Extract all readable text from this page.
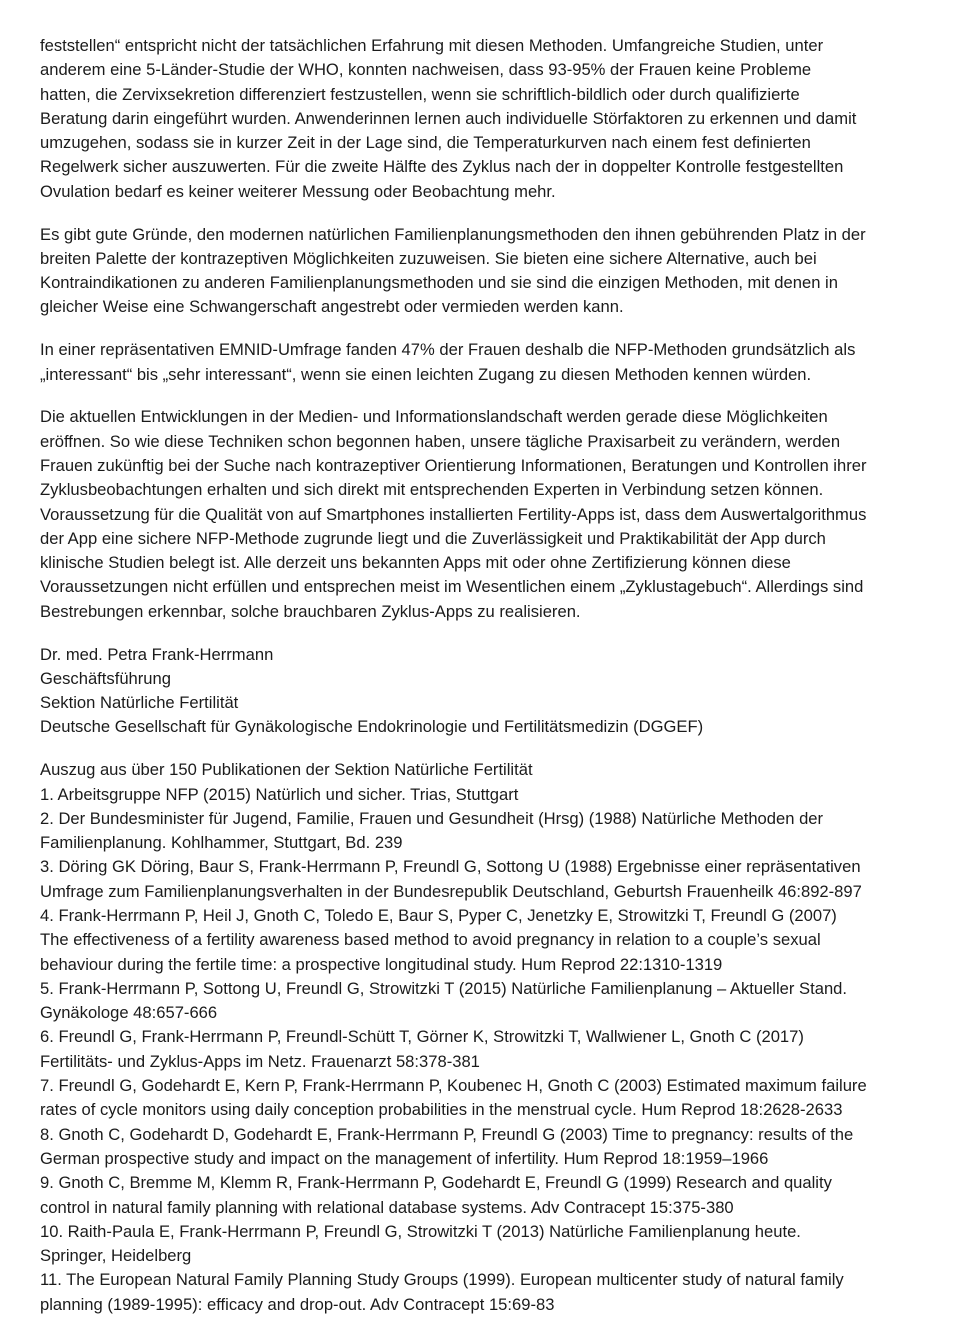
feststellen“ entspricht nicht der tatsächlichen Erfahrung mit diesen Methoden. Umfangreiche Studien, unter
anderem eine 5-Länder-Studie der WHO, konnten nachweisen, dass 93-95% der Frauen keine Probleme
hatten, die Zervixsekretion differenziert festzustellen, wenn sie schriftlich-bildlich oder durch qualifizierte
Beratung darin eingeführt wurden. Anwenderinnen lernen auch individuelle Störfaktoren zu erkennen und damit
umzugehen, sodass sie in kurzer Zeit in der Lage sind, die Temperaturkurven nach einem fest definierten
Regelwerk sicher auszuwerten. Für die zweite Hälfte des Zyklus nach der in doppelter Kontrolle festgestellten
Ovulation bedarf es keiner weiterer Messung oder Beobachtung mehr.
Es gibt gute Gründe, den modernen natürlichen Familienplanungsmethoden den ihnen gebührenden Platz in der
breiten Palette der kontrazeptiven Möglichkeiten zuzuweisen. Sie bieten eine sichere Alternative, auch bei
Kontraindikationen zu anderen Familienplanungsmethoden und sie sind die einzigen Methoden, mit denen in
gleicher Weise eine Schwangerschaft angestrebt oder vermieden werden kann.
In einer repräsentativen EMNID-Umfrage fanden 47% der Frauen deshalb die NFP-Methoden grundsätzlich als
„interessant“ bis „sehr interessant“, wenn sie einen leichten Zugang zu diesen Methoden kennen würden.
Die aktuellen Entwicklungen in der Medien- und Informationslandschaft werden gerade diese Möglichkeiten
eröffnen. So wie diese Techniken schon begonnen haben, unsere tägliche Praxisarbeit zu verändern, werden
Frauen zukünftig bei der Suche nach kontrazeptiver Orientierung Informationen, Beratungen und Kontrollen ihrer
Zyklusbeobachtungen erhalten und sich direkt mit entsprechenden Experten in Verbindung setzen können.
Voraussetzung für die Qualität von auf Smartphones installierten Fertility-Apps ist, dass dem Auswertalgorithmus
der App eine sichere NFP-Methode zugrunde liegt und die Zuverlässigkeit und Praktikabilität der App durch
klinische Studien belegt ist. Alle derzeit uns bekannten Apps mit oder ohne Zertifizierung können diese
Voraussetzungen nicht erfüllen und entsprechen meist im Wesentlichen einem „Zyklustagebuch“. Allerdings sind
Bestrebungen erkennbar, solche brauchbaren Zyklus-Apps zu realisieren.
Dr. med. Petra Frank-Herrmann
Geschäftsführung
Sektion Natürliche Fertilität
Deutsche Gesellschaft für Gynäkologische Endokrinologie und Fertilitätsmedizin (DGGEF)
Auszug aus über 150 Publikationen der Sektion Natürliche Fertilität
1. Arbeitsgruppe NFP (2015) Natürlich und sicher. Trias, Stuttgart
2. Der Bundesminister für Jugend, Familie, Frauen und Gesundheit (Hrsg) (1988) Natürliche Methoden der
Familienplanung. Kohlhammer, Stuttgart, Bd. 239
3. Döring GK Döring, Baur S, Frank-Herrmann P, Freundl G, Sottong U (1988) Ergebnisse einer repräsentativen
Umfrage zum Familienplanungsverhalten in der Bundesrepublik Deutschland, Geburtsh Frauenheilk 46:892-897
4. Frank-Herrmann P, Heil J, Gnoth C, Toledo E, Baur S, Pyper C, Jenetzky E, Strowitzki T, Freundl G (2007)
The effectiveness of a fertility awareness based method to avoid pregnancy in relation to a couple’s sexual
behaviour during the fertile time: a prospective longitudinal study. Hum Reprod 22:1310-1319
5. Frank-Herrmann P, Sottong U, Freundl G, Strowitzki T (2015) Natürliche Familienplanung – Aktueller Stand.
Gynäkologe 48:657-666
6. Freundl G, Frank-Herrmann P, Freundl-Schütt T, Görner K, Strowitzki T, Wallwiener L, Gnoth C (2017)
Fertilitäts- und Zyklus-Apps im Netz. Frauenarzt 58:378-381
7. Freundl G, Godehardt E, Kern P, Frank-Herrmann P, Koubenec H, Gnoth C (2003) Estimated maximum failure
rates of cycle monitors using daily conception probabilities in the menstrual cycle. Hum Reprod 18:2628-2633
8. Gnoth C, Godehardt D, Godehardt E, Frank-Herrmann P, Freundl G (2003) Time to pregnancy: results of the
German prospective study and impact on the management of infertility. Hum Reprod 18:1959–1966
9. Gnoth C, Bremme M, Klemm R, Frank-Herrmann P, Godehardt E, Freundl G (1999) Research and quality
control in natural family planning with relational database systems. Adv Contracept 15:375-380
10. Raith-Paula E, Frank-Herrmann P, Freundl G, Strowitzki T (2013) Natürliche Familienplanung heute.
Springer, Heidelberg
11. The European Natural Family Planning Study Groups (1999). European multicenter study of natural family
planning (1989-1995): efficacy and drop-out. Adv Contracept 15:69-83
